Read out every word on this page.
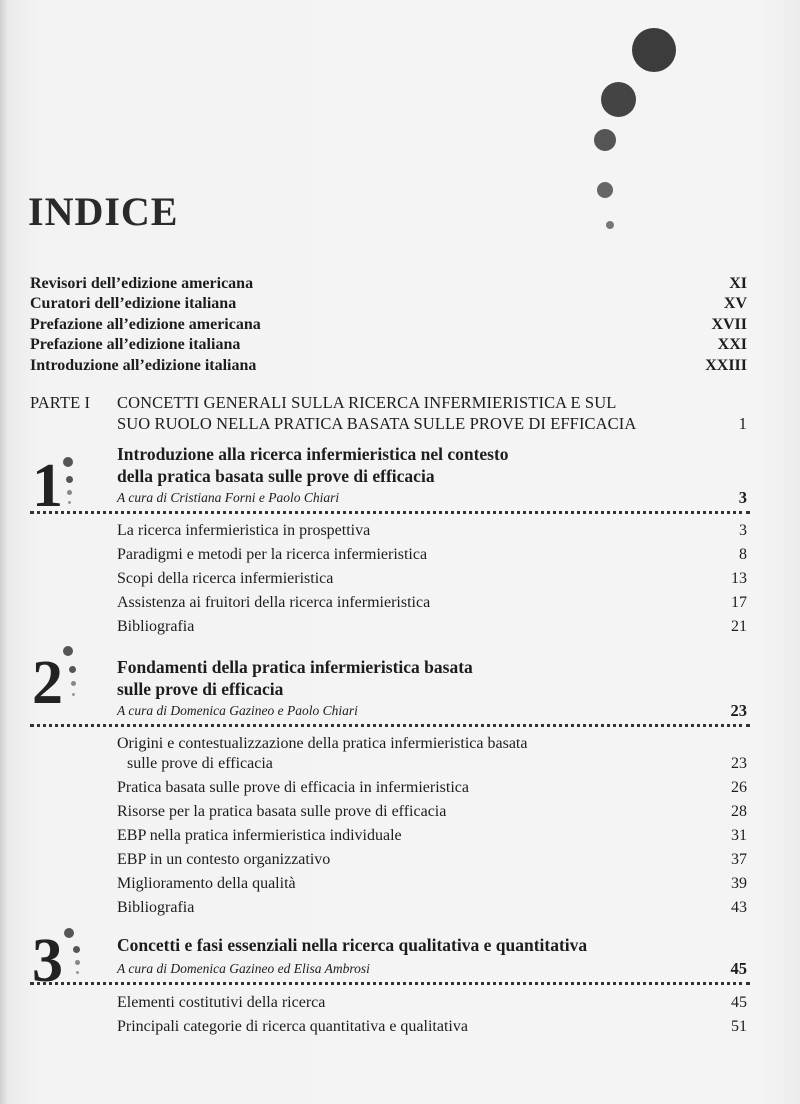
INDICE
Revisori dell’edizione americana	XI
Curatori dell’edizione italiana	XV
Prefazione all’edizione americana	XVII
Prefazione all’edizione italiana	XXI
Introduzione all’edizione italiana	XXIII
PARTE I CONCETTI GENERALI SULLA RICERCA INFERMIERISTICA E SUL
SUO RUOLO NELLA PRATICA BASATA SULLE PROVE DI EFFICACIA	1
1	Introduzione alla ricerca infermieristica nel contesto
della pratica basata sulle prove di efficacia
A cura di Cristiana Forni e Paolo Chiari	3
La ricerca infermieristica in prospettiva	3
Paradigmi e metodi per la ricerca infermieristica	8
Scopi della ricerca infermieristica	13
Assistenza ai fruitori della ricerca infermieristica	17
Bibliografia	21
2	Fondamenti della pratica infermieristica basata
sulle prove di efficacia
A cura di Domenica Gazineo e Paolo Chiari	23
Origini e contestualizzazione della pratica infermieristica basata
sulle prove di efficacia	23
Pratica basata sulle prove di efficacia in infermieristica	26
Risorse per la pratica basata sulle prove di efficacia	28
EBP nella pratica infermieristica individuale	31
EBP in un contesto organizzativo	37
Miglioramento della qualità	39
Bibliografia	43
3	Concetti e fasi essenziali nella ricerca qualitativa e quantitativa
A cura di Domenica Gazineo ed Elisa Ambrosi	45
Elementi costitutivi della ricerca	45
Principali categorie di ricerca quantitativa e qualitativa	51
